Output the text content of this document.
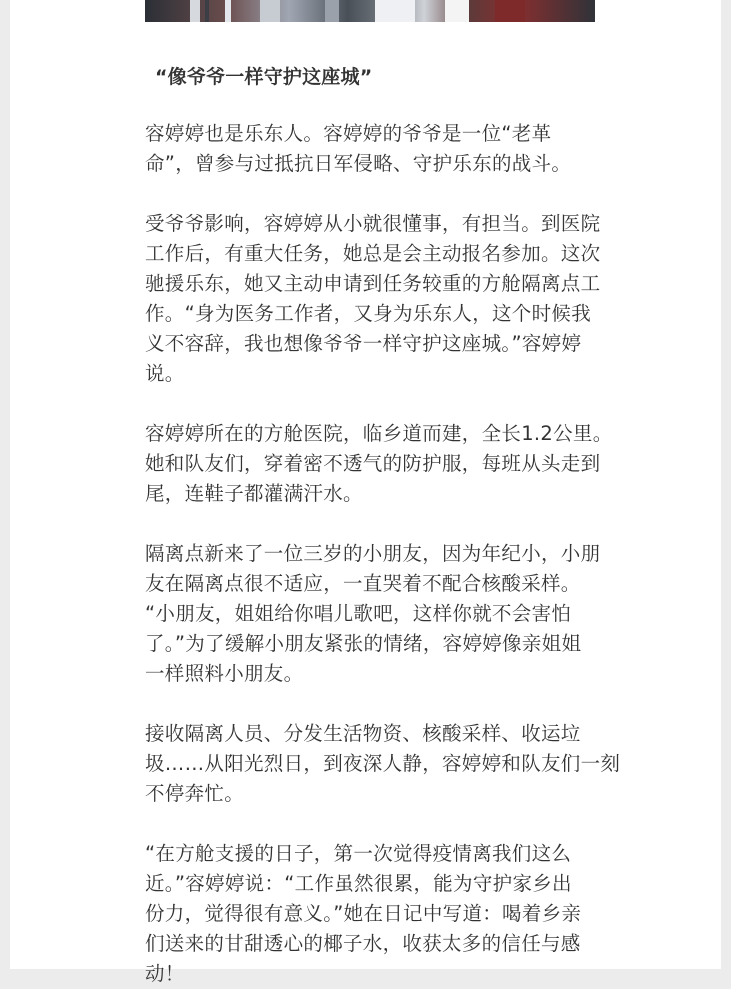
“像爷爷一样守护这座城”
容婷婷也是乐东人。容婷婷的爷爷是一位“老革
命”，曾参与过抵抗日军侵略、守护乐东的战斗。
受爷爷影响，容婷婷从小就很懂事，有担当。到医院
工作后，有重大任务，她总是会主动报名参加。这次
驰援乐东，她又主动申请到任务较重的方舱隔离点工
作。“身为医务工作者，又身为乐东人，这个时候我
义不容辞，我也想像爷爷一样守护这座城。”容婷婷
说。
容婷婷所在的方舱医院，临乡道而建，全长1.2公里。
她和队友们，穿着密不透气的防护服，每班从头走到
尾，连鞋子都灌满汗水。
隔离点新来了一位三岁的小朋友，因为年纪小，小朋
友在隔离点很不适应，一直哭着不配合核酸采样。
“小朋友，姐姐给你唱儿歌吧，这样你就不会害怕
了。”为了缓解小朋友紧张的情绪，容婷婷像亲姐姐
一样照料小朋友。
接收隔离人员、分发生活物资、核酸采样、收运垃
圾……从阳光烈日，到夜深人静，容婷婷和队友们一刻
不停奔忙。
“在方舱支援的日子，第一次觉得疫情离我们这么
近。”容婷婷说：“工作虽然很累，能为守护家乡出
份力，觉得很有意义。”她在日记中写道：喝着乡亲
们送来的甘甜透心的椰子水，收获太多的信任与感
动！
